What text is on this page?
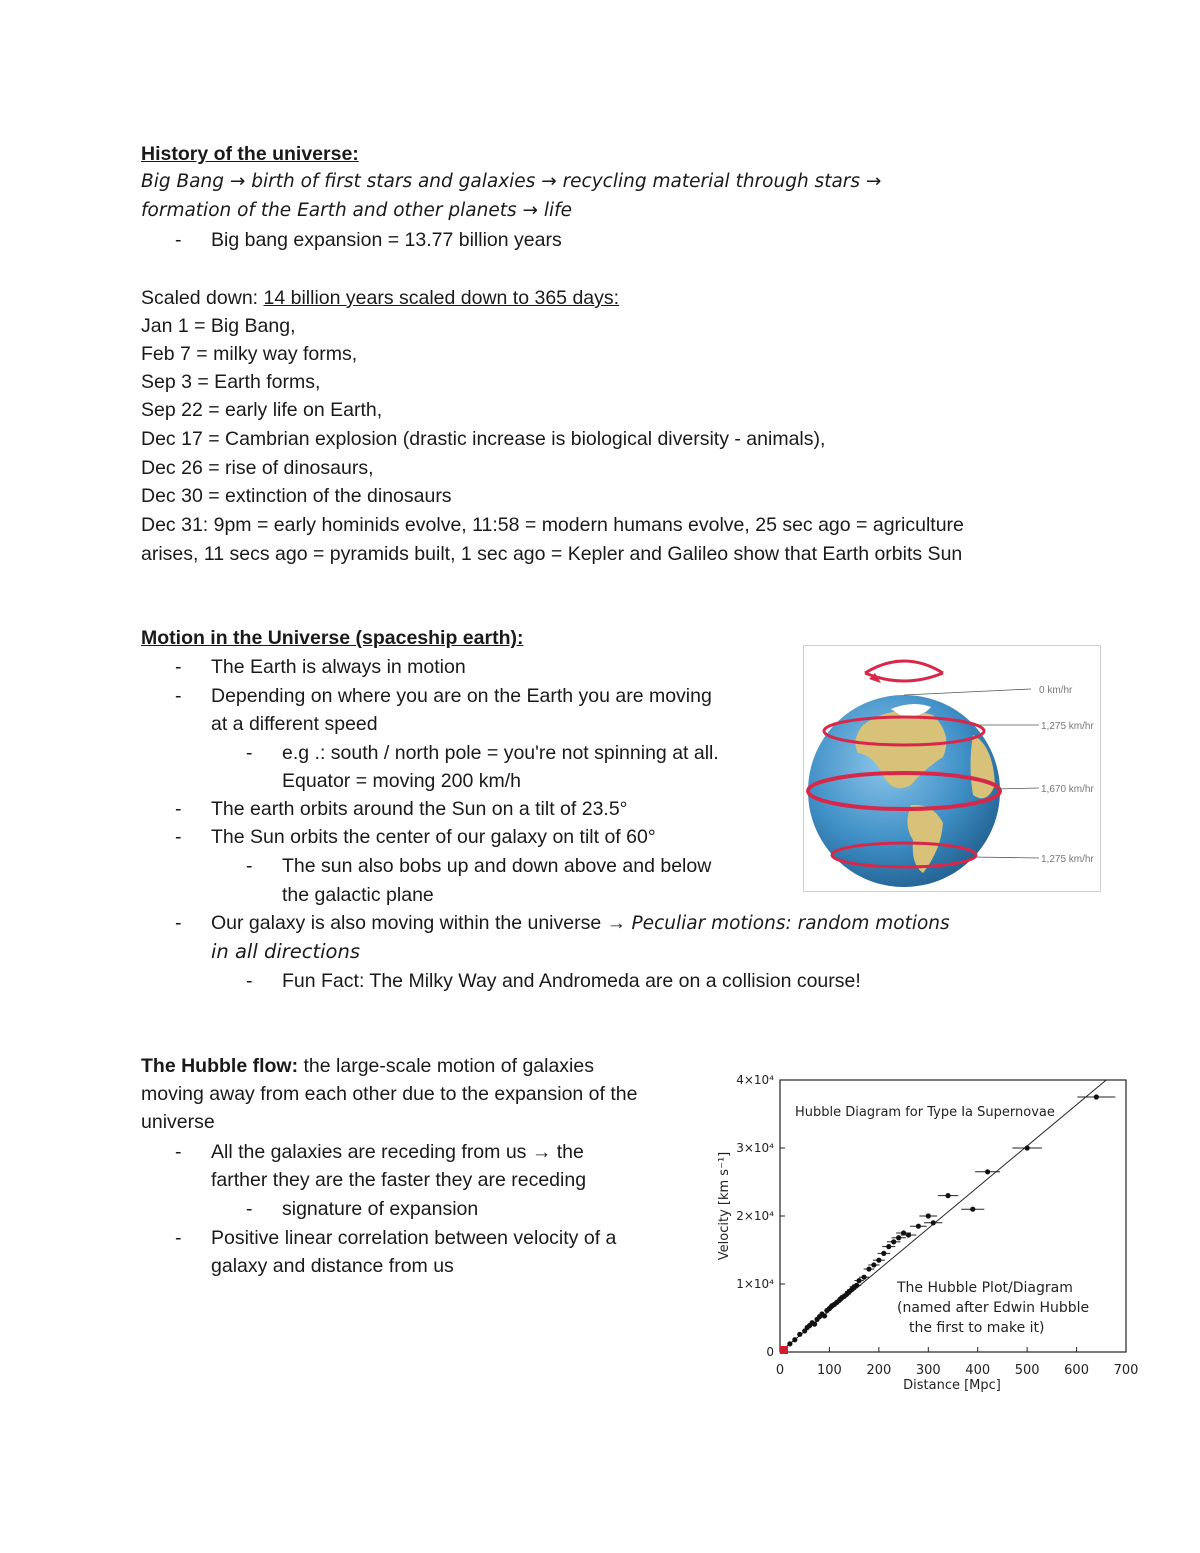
History of the universe:
Big Bang → birth of first stars and galaxies → recycling material through stars →
formation of the Earth and other planets → life
- Big bang expansion = 13.77 billion years
Scaled down: 14 billion years scaled down to 365 days:
Jan 1 = Big Bang,
Feb 7 = milky way forms,
Sep 3 = Earth forms,
Sep 22 = early life on Earth,
Dec 17 = Cambrian explosion (drastic increase is biological diversity - animals),
Dec 26 = rise of dinosaurs,
Dec 30 = extinction of the dinosaurs
Dec 31: 9pm = early hominids evolve, 11:58 = modern humans evolve, 25 sec ago = agriculture
arises, 11 secs ago = pyramids built, 1 sec ago = Kepler and Galileo show that Earth orbits Sun
Motion in the Universe (spaceship earth):
- The Earth is always in motion
- Depending on where you are on the Earth you are moving
at a different speed
- e.g .: south / north pole = you're not spinning at all.
Equator = moving 200 km/h
- The earth orbits around the Sun on a tilt of 23.5°
- The Sun orbits the center of our galaxy on tilt of 60°
- The sun also bobs up and down above and below
the galactic plane
- Our galaxy is also moving within the universe → Peculiar motions: random motions
in all directions
- Fun Fact: The Milky Way and Andromeda are on a collision course!
0 km/hr
1,275 km/hr
1,670 km/hr
1,275 km/hr
The Hubble flow: the large-scale motion of galaxies
moving away from each other due to the expansion of the
universe
- All the galaxies are receding from us → the
farther they are the faster they are receding
- signature of expansion
- Positive linear correlation between velocity of a
galaxy and distance from us
0
1×10⁴
2×10⁴
3×10⁴
4×10⁴
0	100 200 300 400 500 600 700
Hubble Diagram for Type Ia Supernovae
The Hubble Plot/Diagram
(named after Edwin Hubble
the first to make it)
Distance [Mpc]
Velocity [km s⁻¹]
